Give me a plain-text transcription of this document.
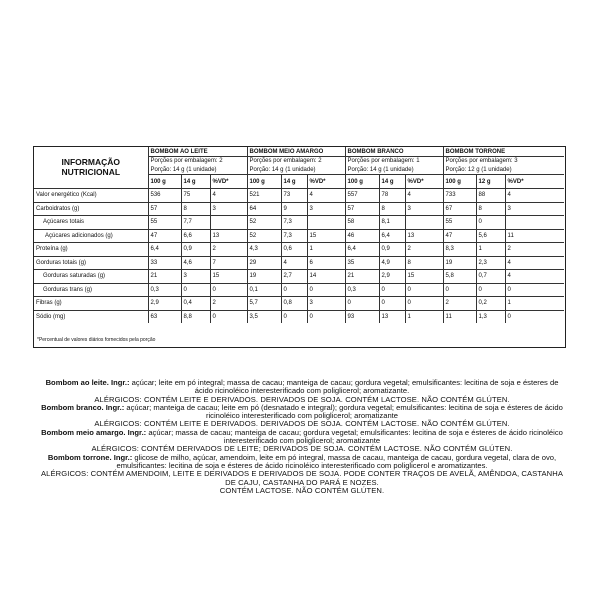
INFORMAÇÃO
NUTRICIONAL	BOMBOM AO LEITE			BOMBOM MEIO AMARGO			BOMBOM BRANCO			BOMBOM TORRONE		
	Porções por embalagem: 2			Porções por embalagem: 2			Porções por embalagem: 1			Porções por embalagem: 3		
	Porção: 14 g (1 unidade)			Porção: 14 g (1 unidade)			Porção: 14 g (1 unidade)			Porção: 12 g (1 unidade)		
	100 g	14 g	%VD*	100 g	14 g	%VD*	100 g	14 g	%VD*	100 g	12 g	%VD*
Valor energético (Kcal)	536	75	4	521	73	4	557	78	4	733	88	4
Carboidratos (g)	57	8	3	64	9	3	57	8	3	67	8	3
Açúcares totais	55	7,7		52	7,3		58	8,1		55	0	
Açúcares adicionados (g)	47	6,6	13	52	7,3	15	46	6,4	13	47	5,6	11
Proteína (g)	6,4	0,9	2	4,3	0,6	1	6,4	0,9	2	8,3	1	2
Gorduras totais (g)	33	4,6	7	29	4	6	35	4,9	8	19	2,3	4
Gorduras saturadas (g)	21	3	15	19	2,7	14	21	2,9	15	5,8	0,7	4
Gorduras trans (g)	0,3	0	0	0,1	0	0	0,3	0	0	0	0	0
Fibras (g)	2,9	0,4	2	5,7	0,8	3	0	0	0	2	0,2	1
Sódio (mg)	63	8,8	0	3,5	0	0	93	13	1	11	1,3	0
*Percentual de valores diários fornecidos pela porção

Bombom ao leite. Ingr.: açúcar; leite em pó integral; massa de cacau; manteiga de cacau; gordura vegetal; emulsificantes: lecitina de soja e ésteres de ácido ricinoléico interesterificado com poliglicerol; aromatizante.

ALÉRGICOS: CONTÉM LEITE E DERIVADOS. DERIVADOS DE SOJA. CONTÉM LACTOSE. NÃO CONTÉM GLÚTEN.

Bombom branco. Ingr.: açúcar; manteiga de cacau; leite em pó (desnatado e integral); gordura vegetal; emulsificantes: lecitina de soja e ésteres de ácido ricinoléico interesterificado com poliglicerol; aromatizante

ALÉRGICOS: CONTÉM LEITE E DERIVADOS. DERIVADOS DE SOJA. CONTÉM LACTOSE. NÃO CONTÉM GLÚTEN.

Bombom meio amargo. Ingr.: açúcar; massa de cacau; manteiga de cacau; gordura vegetal; emulsificantes: lecitina de soja e ésteres de ácido ricinoléico interesterificado com poliglicerol; aromatizante

ALÉRGICOS: CONTÉM DERIVADOS DE LEITE; DERIVADOS DE SOJA. CONTÉM LACTOSE. NÃO CONTÉM GLÚTEN.

Bombom torrone. Ingr.: glicose de milho, açúcar, amendoim, leite em pó integral, massa de cacau, manteiga de cacau, gordura vegetal, clara de ovo, emulsificantes: lecitina de soja e ésteres de ácido ricinoléico interesterificado com poliglicerol e aromatizantes.

ALÉRGICOS: CONTÉM AMENDOIM, LEITE E DERIVADOS E DERIVADOS DE SOJA. PODE CONTER TRAÇOS DE AVELÃ, AMÊNDOA, CASTANHA DE CAJU, CASTANHA DO PARÁ E NOZES.

CONTÉM LACTOSE. NÃO CONTÉM GLÚTEN.
